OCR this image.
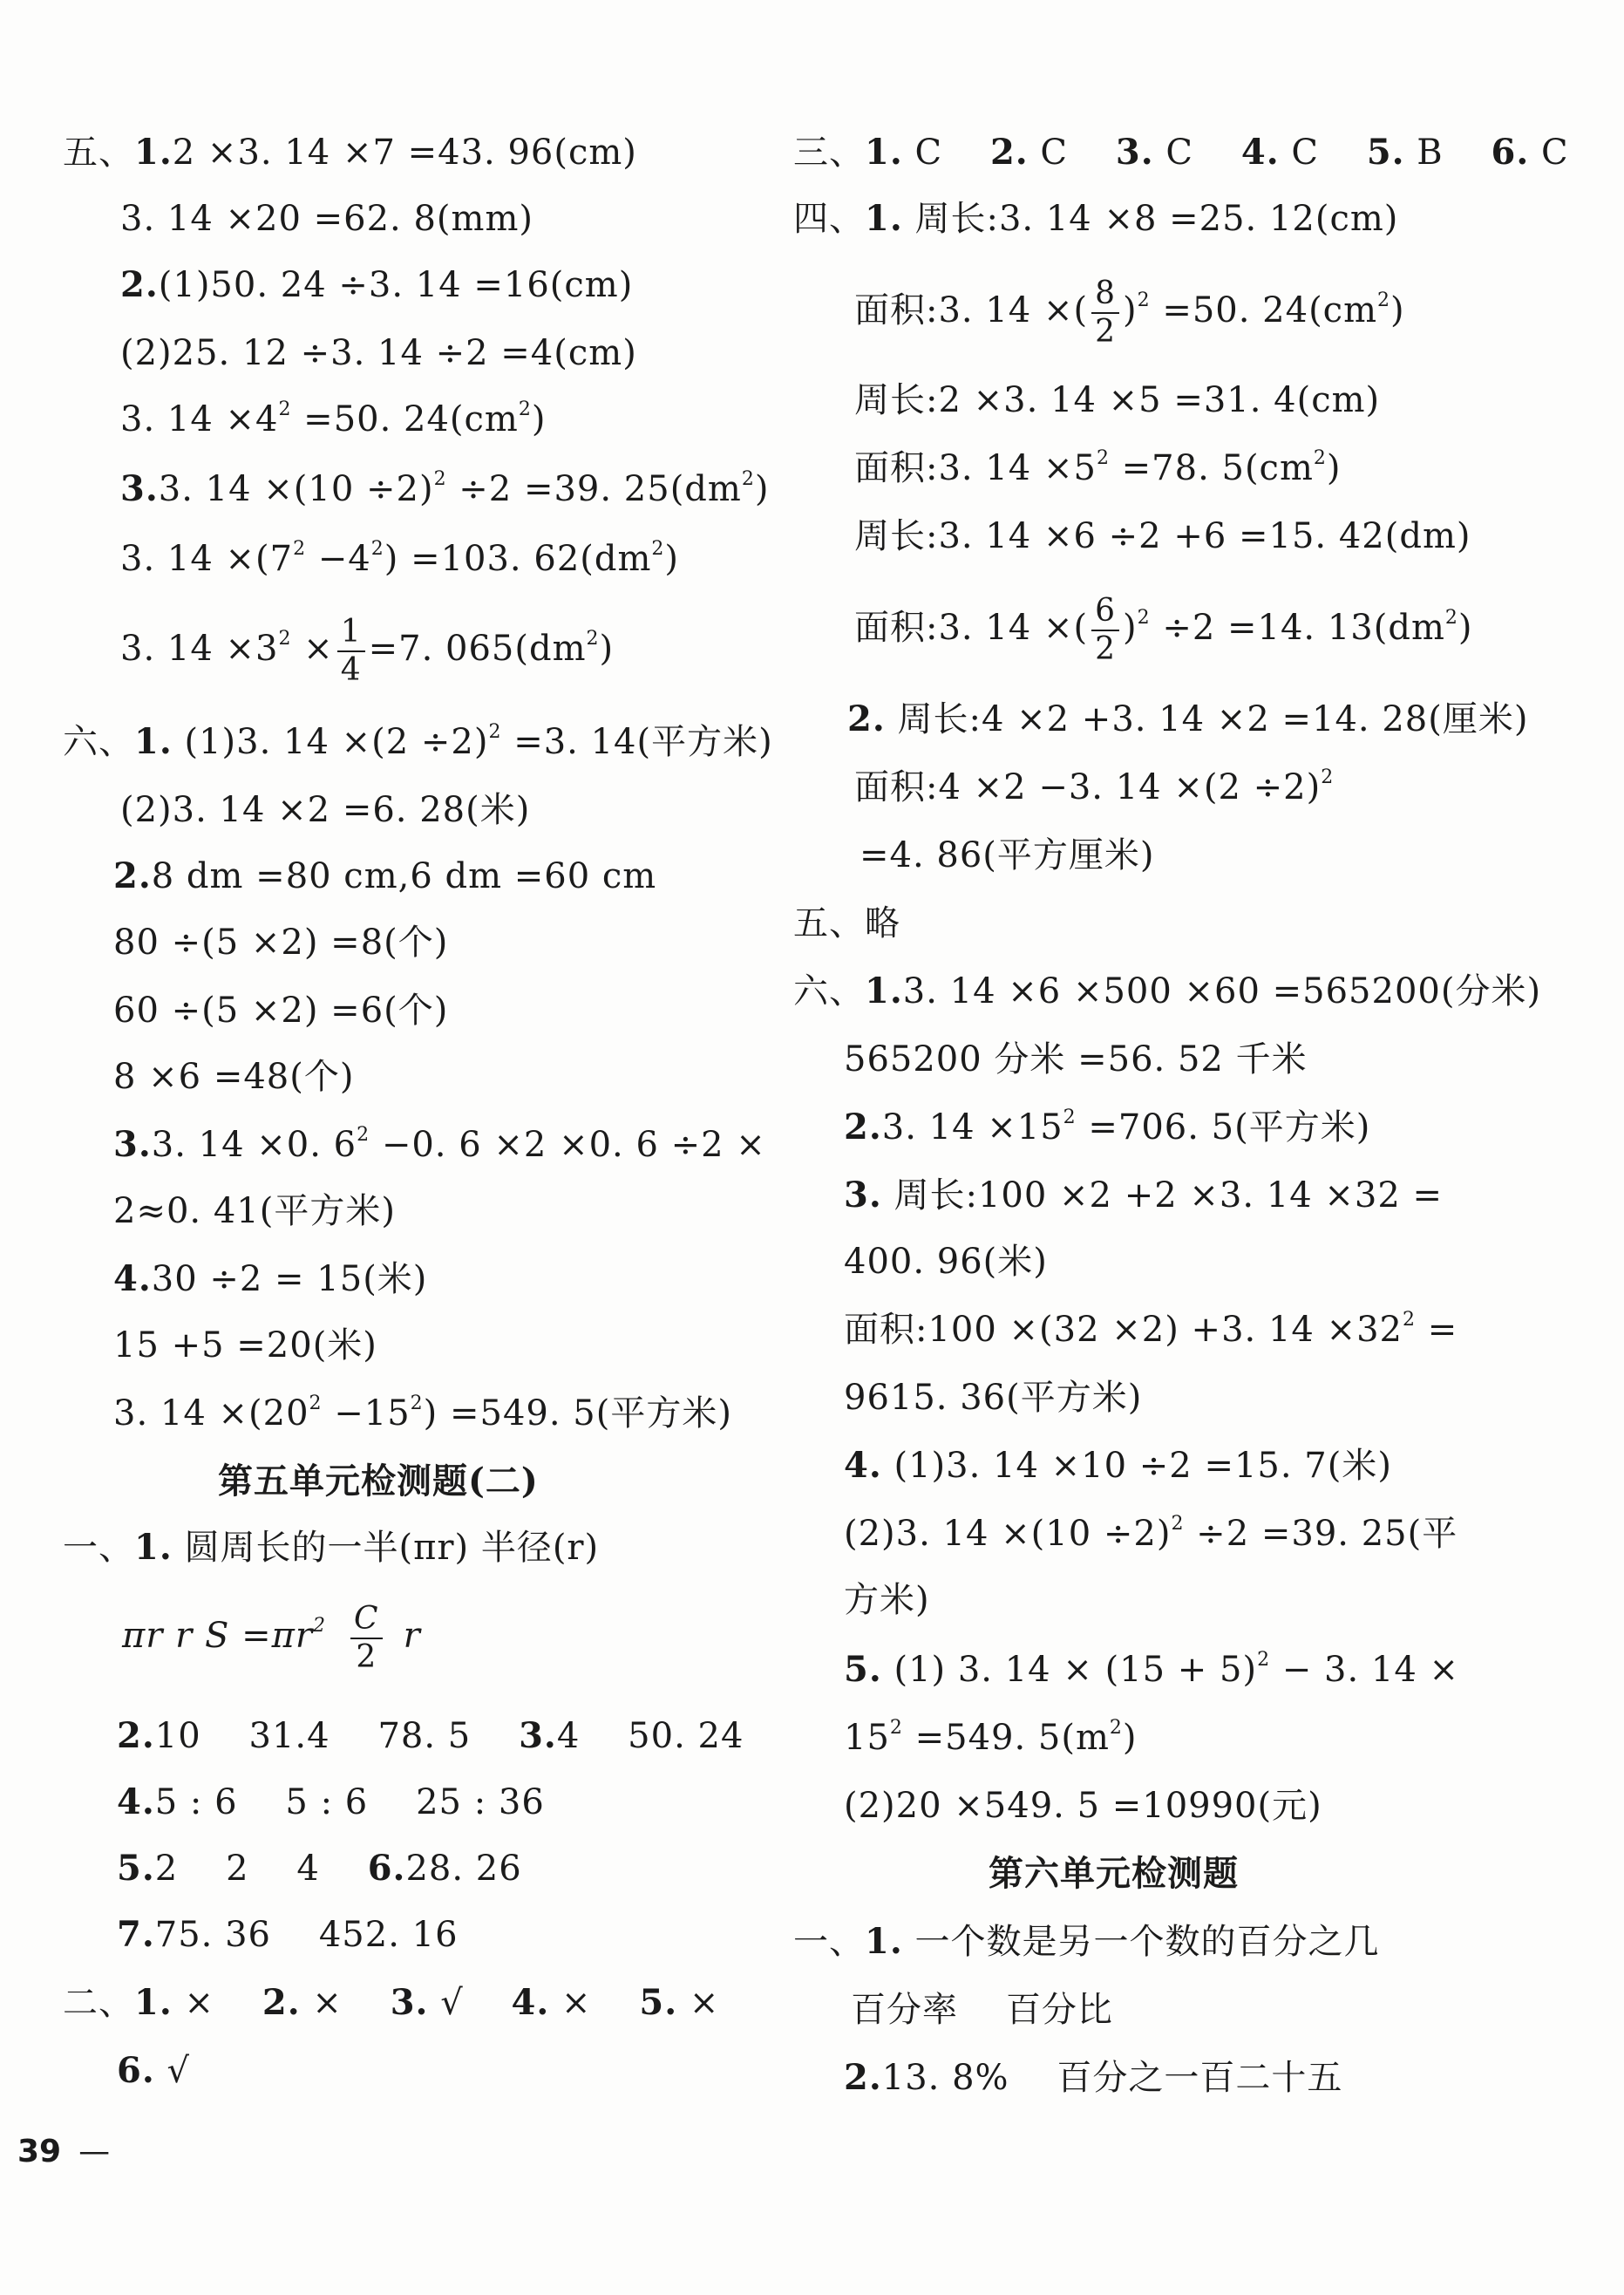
五、1.2 ×3. 14 ×7 =43. 96(cm)
3. 14 ×20 =62. 8(mm)
2.(1)50. 24 ÷3. 14 =16(cm)
(2)25. 12 ÷3. 14 ÷2 =4(cm)
3. $14 \times 4^2 =50$. $24(cm^2)$
3.3. $14 \times(10 \div 2)^2 \div 2 =39$. $25(dm^2)$
3. $14 \times(7^2 -4^2) =103$. $62(dm^2)$
3. $14 \times 3^2 \times \frac{1}{4} =7$. $065(dm^2)$
六、1. (1)3. $14 \times(2 \div 2)^2 =3$. 14(平方米)
(2)3. 14 ×2 =6. 28(米)
2.8 dm =80 cm,6 dm =60 cm
80 ÷(5 ×2) =8(个)
60 ÷(5 ×2) =6(个)
8 ×6 =48(个)
3.3. 14 ×0. $6^2 -0$. 6 ×2 ×0. 6 ÷2 ×
2≈0. 41(平方米)
4.30 ÷2 = 15(米)
15 +5 =20(米)
3. $14 \times(20^2 -15^2) =549$. 5(平方米)
第五单元检测题(二)
一、1. 圆周长的一半(πr) 半径(r)
πr r $S =\pi r^2 \frac{C}{2}$ r
2.10    31.4    78. 5    3.4    50. 24
4.5 : 6    5 : 6    25 : 36
5.2    2    4    6.28. 26
7.75. 36    452. 16
二、1. ×    2. ×    3. √    4. ×    5. ×
6. √
三、1. C    2. C    3. C    4. C    5. B    6. C
四、1. 周长:3. 14 ×8 =25. 12(cm)
面积:3. 14 ×( $\frac{8}{2} )^2 =50$. $24(cm^2)$
周长:2 ×3. 14 ×5 =31. 4(cm)
面积:3. $14 \times 5^2 =78$. $5(cm^2)$
周长:3. 14 ×6 ÷2 +6 =15. 42(dm)
面积:3. 14 ×( $\frac{6}{2} )^2 \div 2 =14$. $13(dm^2)$
2. 周长:4 ×2 +3. 14 ×2 =14. 28(厘米)
面积:4 ×2 −3. $14 \times(2 \div 2)^2$
=4. 86(平方厘米)
五、略
六、1.3. 14 ×6 ×500 ×60 =565200(分米)
565200 分米 =56. 52 千米
2.3. $14 \times 15^2 =706$. 5(平方米)
3. 周长:100 ×2 +2 ×3. 14 ×32 =
400. 96(米)
面积:100 ×(32 ×2) +3. $14 \times 32^2$ =
9615. 36(平方米)
4. (1)3. 14 ×10 ÷2 =15. 7(米)
(2)3. $14 \times(10 \div 2)^2 \div 2 =39$. 25(平
方米)
5. (1) 3. $14 \times (15 + 5)^2 - 3$. 14 ×
$15^2 =549$. $5(m^2)$
(2)20 ×549. 5 =10990(元)
第六单元检测题
一、1. 一个数是另一个数的百分之几
百分率    百分比
2.13. 8%    百分之一百二十五
39 —
